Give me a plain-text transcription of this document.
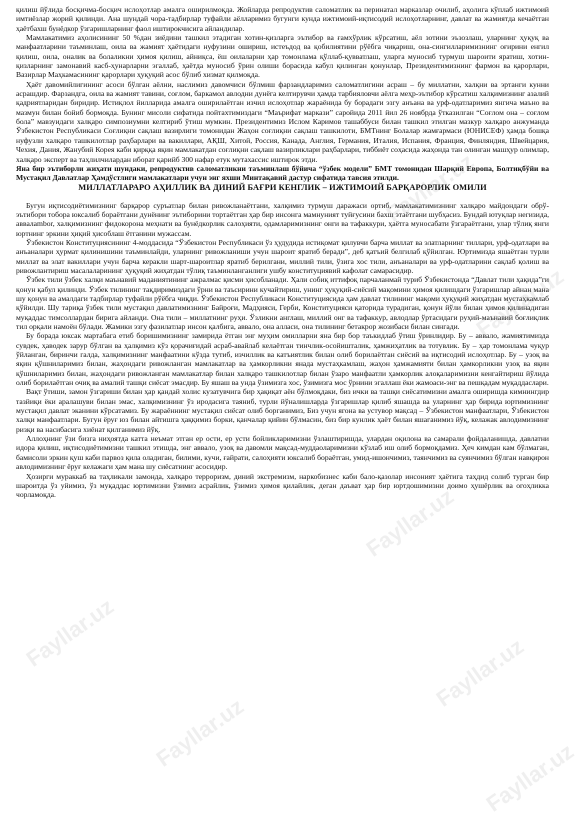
қилиш йўлида босқичма-босқич ислоҳотлар амалга оширилмоқда. Жойларда репродуктив саломатлик ва перинатал марказлар очилиб, аҳолига кўплаб ижтимоий имтиёзлар жорий қилинди. Ана шундай чора-тадбирлар туфайли аёлларимиз бугунги кунда ижтимоий-иқтисодий ислоҳотларнинг, давлат ва жамиятда кечаётган ҳаётбахш бунёдкор ўзгаришларнинг фаол иштирокчисига айландилар.

Мамлакатимиз аҳолисининг 50 %дан зиёдини ташкил этадиган хотин-қизларга эътибор ва ғамхўрлик кўрсатиш, аёл зотини эъзозлаш, уларнинг ҳуқуқ ва манфаатларини таъминлаш, оила ва жамият ҳаётидаги нуфузини ошириш, истеъдод ва қобилиятини рўёбга чиқариш, она-сингилларимизнинг оғирини енгил қилиш, оила, оналик ва болаликни ҳимоя қилиш, айниқса, ёш оилаларни ҳар томонлама қўллаб-қувватлаш, уларга муносиб турмуш шароити яратиш, хотин-қизларнинг замонавий касб-ҳунарларни эгаллаб, ҳаётда муносиб ўрин олиши борасида кабул қилинган қонунлар, Президентимизнинг фармон ва қарорлари, Вазирлар Маҳкамасининг қарорлари ҳуқуқий асос бўлиб хизмат қилмоқда.

Ҳаёт давомийлигининг асоси бўлган аёлни, наслимиз давомчиси бўлмиш фарзандларимиз саломатлигини асраш – бу миллатни, халқни ва эртанги кунни асрашдир. Фарзандга, оила ва жамият тавини, соғлом, баркамол авлодни дунёга келтирувчи ҳамда тарбияловчи аёлга меҳр-эътибор кўрсатиш халқимизнинг азалий қадриятларидан биридир. Истиқлол йилларида амалга оширилаётган изчил ислоҳотлар жараёнида бу борадаги эзгу анъана ва урф-одатларимиз янгича маъно ва мазмун билан бойиб бормоқда. Бунинг мисоли сифатида пойтахтимиздаги “Маърифат маркази” саройида 2011 йил 26 ноябрда ўтказилган “Соғлом она – соғлом бола” мавзуидаги халқаро симпозиумни келтириб ўтиш мумкин. Президентимиз Ислом Каримов ташаббуси билан ташкил этилган мазкур халқаро анжуманда Ўзбекистон Республикаси Соғлиқни сақлаш вазирлиги томонидан Жаҳон соғлиқни сақлаш ташкилоти, БМТнинг Болалар жамғармаси (ЮНИСЕФ) ҳамда бошқа нуфузли халқаро ташкилотлар раҳбарлари ва вакиллари, АҚШ, Хитой, Россия, Канада, Англия, Германия, Италия, Испания, Франция, Финляндия, Швейцария, Чехия, Дания, Жанубий Корея каби қирққа яқин мамлакатдан соғлиқни сақлаш вазирликлари раҳбарлари, тиббиёт соҳасида жаҳонда тан олинган машҳур олимлар, халқаро эксперт ва таҳлилчилардан иборат қарийб 300 нафар етук мутахассис иштирок этди.

Яна бир эътиборли жиҳати шундаки, репродуктив саломатликни таъминлаш бўйича “ўзбек модели” БМТ томонидан Шарқий Европа, Болтиқбўйи ва Мустақил Давлатлар Ҳамдўстлиги мамлакатлари учун энг яхши Минтақавий дастур сифатида тавсия этилди.

МИЛЛАТЛАРАРО АҲИЛЛИК ВА ДИНИЙ БАҒРИ КЕНГЛИК – ИЖТИМОИЙ БАРҚАРОРЛИК ОМИЛИ

Бугун иқтисодиётимизнинг барқарор суръатлар билан ривожланаётгани, халқимиз турмуш даражаси ортиб, мамлакатимизнинг халқаро майдондаги обрў-эътибори тобора юксалиб бораётгани дунёнинг эътиборини тортаётган ҳар бир инсонга мамнуният туйғусини бахш этаётгани шубҳасиз. Бундай ютуқлар негизида, аввалambor, халқимизнинг фидокорона меҳнати ва бунёдкорлик салоҳияти, одамларимизнинг онги ва тафаккури, ҳаётга муносабати ўзгараётгани, улар тўлиқ янги юртнинг эркини ҳиқий ҳисоблаш ётганини мужассам.

Ўзбекистон Конституциясининг 4-моддасида “Ўзбекистон Республикаси ўз ҳудудида истиқомат қилувчи барча миллат ва элатларнинг тиллари, урф-одатлари ва анъаналари ҳурмат қилинишини таъминлайди, уларнинг ривожланиши учун шароит яратиб беради”, деб қатъий белгилаб қўйилган. Юртимизда яшаётган турли миллат ва элат вакиллари учун барча керакли шарт-шароитлар яратиб берилгани, миллий тили, ўзига хос тили, анъаналари ва урф-одатларини сақлаб қолиш ва ривожлантириш масалаларининг ҳуқуқий жиҳатдан тўлиқ таъминланганлиги ушбу конституциявий кафолат самарасидир.

Ўзбек тили ўзбек халқи маънавий маданиятининг ажралмас қисми ҳисобланади. Ҳали собиқ иттифоқ парчаланмай туриб Ўзбекистонда “Давлат тили ҳақида”ги қонун қабул қилинди. Ўзбек тилининг тақдиримиздаги ўрни ва таъсирини кучайтириш, унинг ҳуқуқий-сиёсий мақомини ҳимоя қилишдаги ўзгаришлар айнан мана шу қонун ва амалдаги тадбирлар туфайли рўёбга чиқди. Ўзбекистон Республикаси Конституциясида ҳам давлат тилининг мақоми ҳуқуқий жиҳатдан мустаҳкамлаб қўйилди. Шу тариқа ўзбек тили мустақил давлатимизнинг Байроғи, Мадҳияси, Герби, Конституцияси қаторида турадиган, қонун йўли билан ҳимоя қилинадиган муқаддас тимсоллардан бирига айланди. Она тили – миллатнинг руҳи. Ўзликни англаш, миллий онг ва тафаккур, авлодлар ўртасидаги руҳий-маънавий боғлиқлик тил орқали намоён бўлади. Жамики эзгу фазилатлар инсон қалбига, аввало, она алласи, она тилининг бетакрор жозибаси билан сингади.

Бу борада юксак мартабага етиб боришимизнинг замирида ётган энг муҳим омилларни яна бир бор таъкидлаб ўтиш ўринлидир. Бу – аввало, жамиятимизда сувдек, ҳаводек зарур бўлган ва ҳалқимиз кўз қорачиғидай асраб-авайлаб келаётган тинчлик-осойишталик, ҳамжиҳатлик ва тотувлик. Бу – ҳар томонлама чуқур ўйланган, биринчи галда, халқимизнинг манфаатини кўзда тутиб, изчиллик ва катъиятлик билан олиб борилаётган сиёсий ва иқтисодий ислоҳотлар. Бу – узоқ ва яқин қўшниларимиз билан, жаҳондаги ривожланган мамлакатлар ва ҳамкорликни янада мустаҳкамлаш, жаҳон ҳамжамияти билан ҳамкорликни узоқ ва яқин қўшниларимиз билан, жаҳондаги ривожланган мамлакатлар билан халқаро ташкилотлар билан ўзаро манфаатли ҳамкорлик алоқаларимизни кенгайтириш йўлида олиб борилаётган очиқ ва амалий ташқи сиёсат эмасдир. Бу яшаш ва унда ўзимизга хос, ўзимизга мос ўрнини эгаллаш ёки жамоаси-энг ва пешқадам муқаддаслари.

Вақт ўтиши, замон ўзгариши билан ҳар қандай холис кузатувчига бир ҳақиқат аён бўлмоқдаки, биз ички ва ташқи сиёсатимизни амалга оширишда кимнингдир тазйиқи ёки аралашуви билан эмас, халқимизнинг ўз иродасига таяниб, турли йўналишларда ўзгаришлар қилиб яшашда ва уларнинг ҳар бирида юртимизнинг мустақил давлат эканини кўрсатамиз. Бу жараённинг мустақил сиёсат олиб борганимиз, Биз учун ягона ва устувор мақсад – Ўзбекистон манфаатлари, Ўзбекистон халқи манфаатлари. Бугун ёруғ юз билан айтишга ҳаққимиз борки, қанчалар қийин бўлмасин, биз бир кунлик ҳаёт билан яшаганимиз йўқ, келажак авлодимизнинг ризқи ва насибасига хиёнат қилганимиз йўқ.

Аллоҳнинг ўзи бизга ниҳоятда катта неъмат этган ер ости, ер усти бойликларимизни ўзлаштиришда, улардан оқилона ва самарали фойдаланишда, давлатни идора қилиш, иқтисодиётимизни ташкил этишда, энг аввало, узоқ ва давомли мақсад-муддаоларимизни кўзлаб иш олиб бормоқдамиз. Ҳеч кимдан кам бўлмаган, бамисоли эркин қуш каби парвоз қила оладиган, билими, кучи, ғайрати, салоҳияти юксалиб бораётган, умид-ишончимиз, таянчимиз ва суянчимиз бўлган навқирон авлодимизнинг ёруғ келажаги ҳам мана шу сиёсатнинг асосидир.

Ҳозирги мураккаб ва таҳликали замонда, халқаро терроризм, диний экстремизм, наркобизнес каби бало-қазолар инсоният ҳаётига таҳдид солиб турган бир шароитда ўз уйимиз, ўз муқаддас юртимизни ўзимиз асрайлик, ўзимиз ҳимоя қилайлик, деган даъват ҳар бир юртдошимизни доимо ҳушёрлик ва огоҳликка чорламоқда.

Fayllar.uz
Fayllar.uz
Fayllar.uz
Fayllar.uz
Fayllar.uz
Fayllar.uz
Fayllar.uz
